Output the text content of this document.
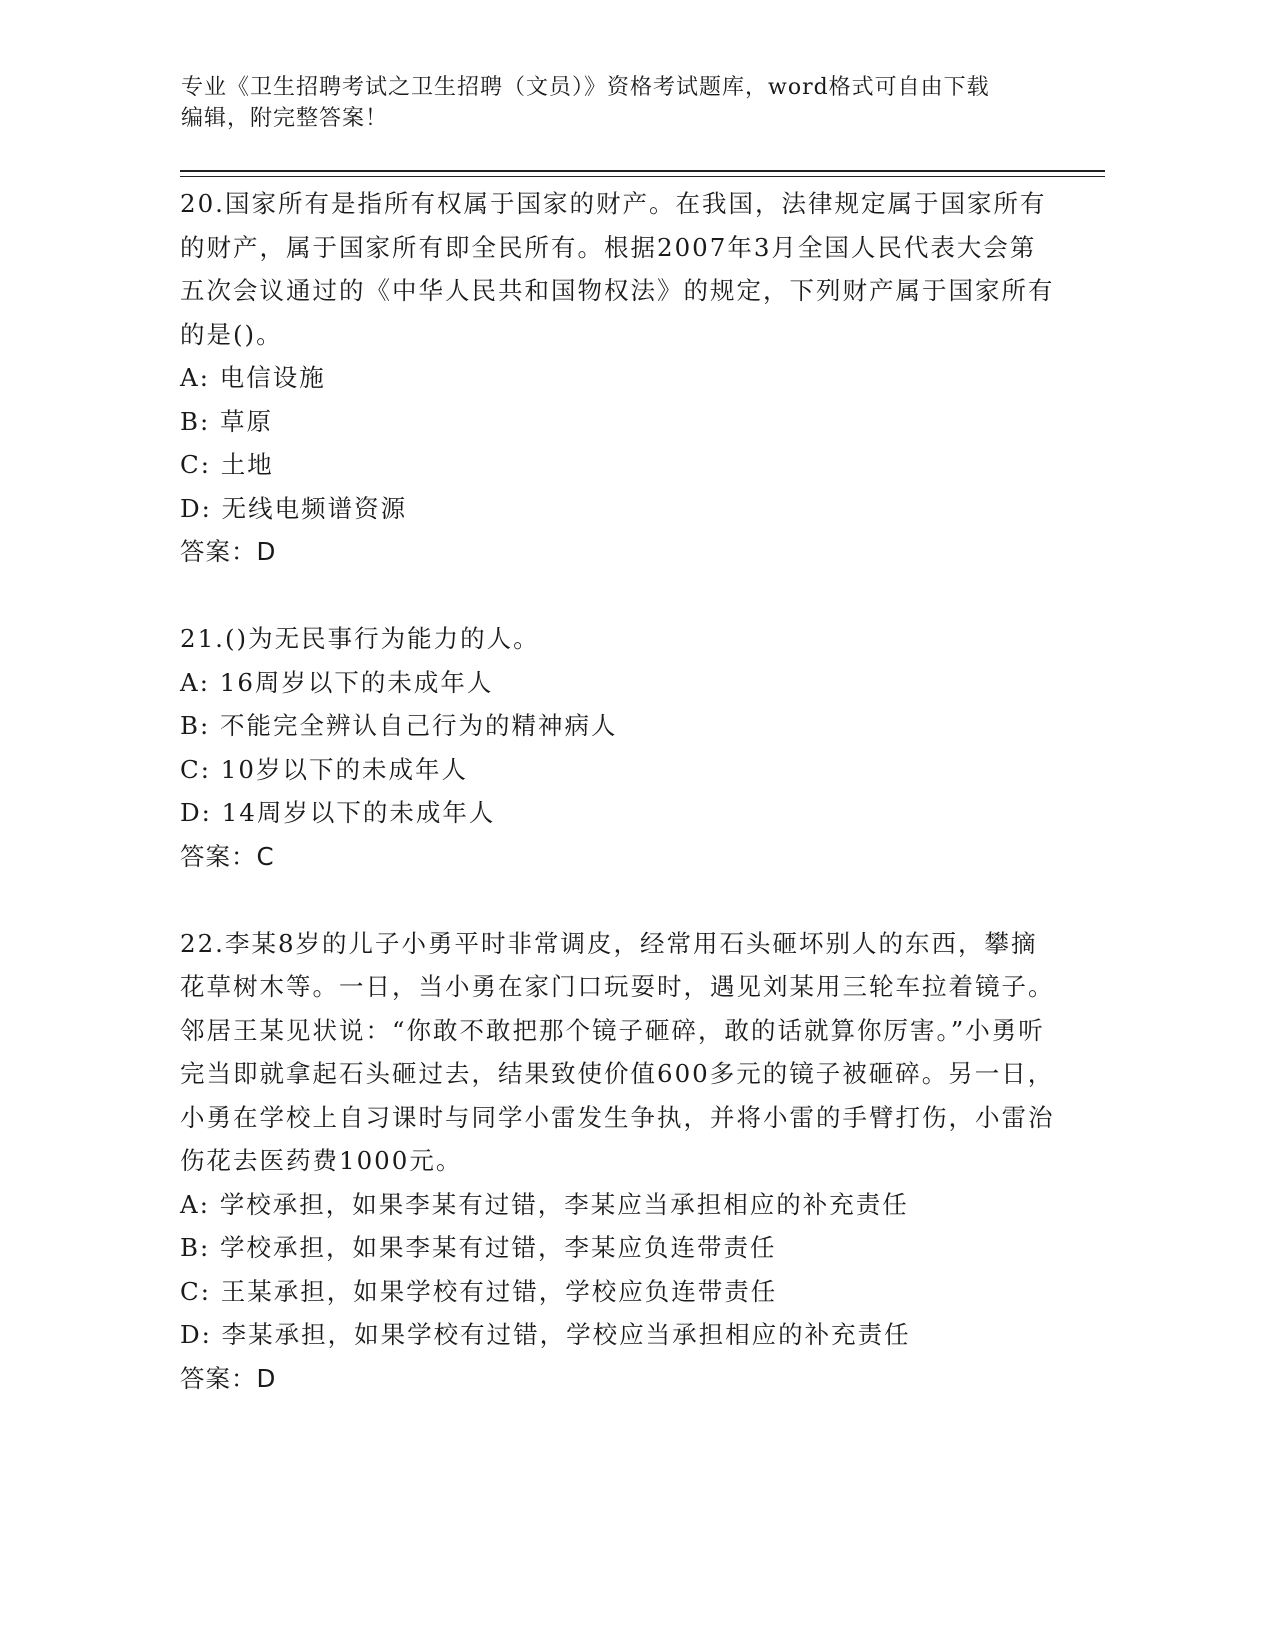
专业《卫生招聘考试之卫生招聘（文员）》资格考试题库，word格式可自由下载
编辑，附完整答案！

20.国家所有是指所有权属于国家的财产。在我国，法律规定属于国家所有的财产，属于国家所有即全民所有。根据2007年3月全国人民代表大会第五次会议通过的《中华人民共和国物权法》的规定，下列财产属于国家所有的是()。

A: 电信设施

B: 草原

C: 土地

D: 无线电频谱资源

答案：D

21.()为无民事行为能力的人。

A: 16周岁以下的未成年人

B: 不能完全辨认自己行为的精神病人

C: 10岁以下的未成年人

D: 14周岁以下的未成年人

答案：C

22.李某8岁的儿子小勇平时非常调皮，经常用石头砸坏别人的东西，攀摘花草树木等。一日，当小勇在家门口玩耍时，遇见刘某用三轮车拉着镜子。邻居王某见状说：“你敢不敢把那个镜子砸碎，敢的话就算你厉害。”小勇听完当即就拿起石头砸过去，结果致使价值600多元的镜子被砸碎。另一日，小勇在学校上自习课时与同学小雷发生争执，并将小雷的手臂打伤，小雷治伤花去医药费1000元。

A: 学校承担，如果李某有过错，李某应当承担相应的补充责任

B: 学校承担，如果李某有过错，李某应负连带责任

C: 王某承担，如果学校有过错，学校应负连带责任

D: 李某承担，如果学校有过错，学校应当承担相应的补充责任

答案：D
